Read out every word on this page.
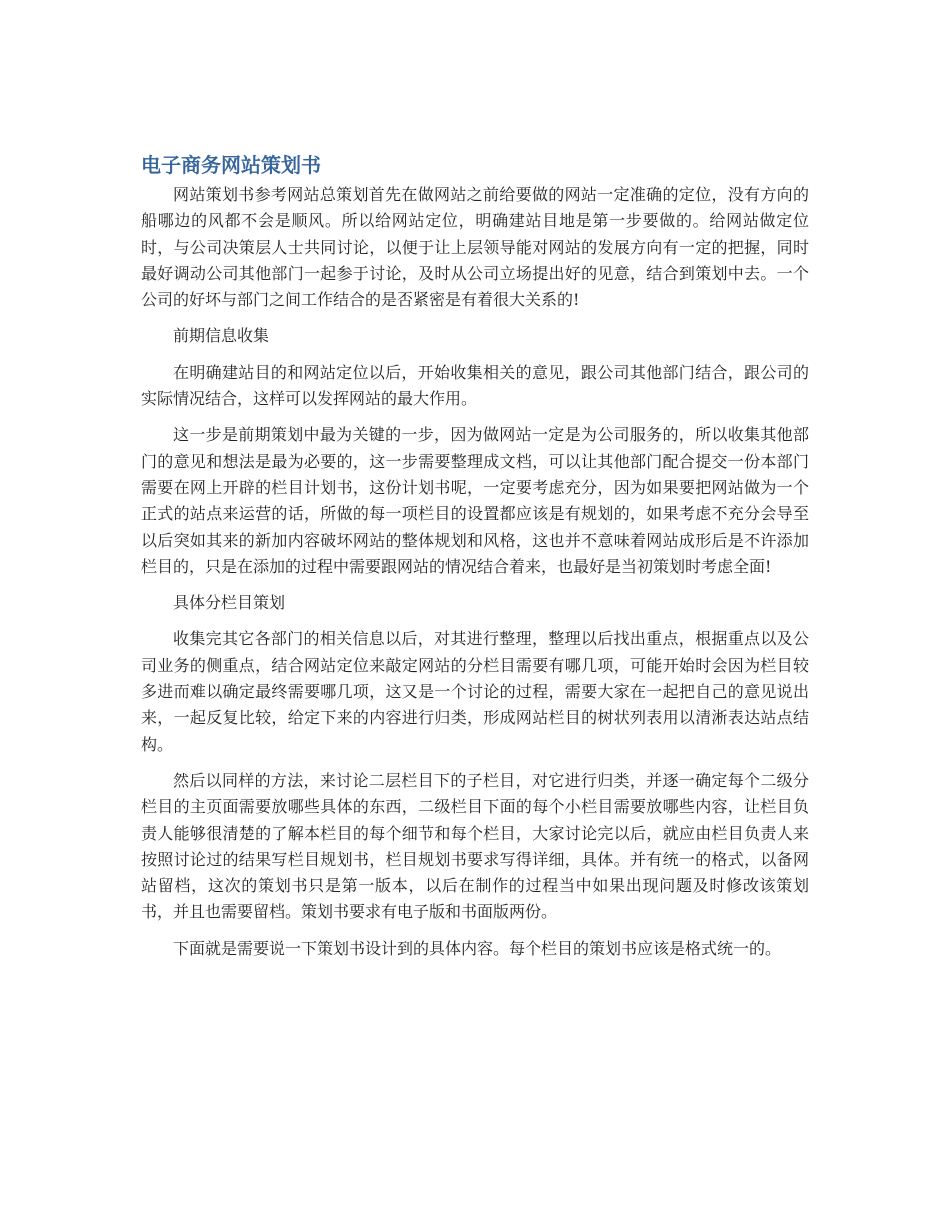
电子商务网站策划书

网站策划书参考网站总策划首先在做网站之前给要做的网站一定准确的定位，没有方向的船哪边的风都不会是顺风。所以给网站定位，明确建站目地是第一步要做的。给网站做定位时，与公司决策层人士共同讨论，以便于让上层领导能对网站的发展方向有一定的把握，同时最好调动公司其他部门一起参于讨论，及时从公司立场提出好的见意，结合到策划中去。一个公司的好坏与部门之间工作结合的是否紧密是有着很大关系的!

前期信息收集

在明确建站目的和网站定位以后，开始收集相关的意见，跟公司其他部门结合，跟公司的实际情况结合，这样可以发挥网站的最大作用。

这一步是前期策划中最为关键的一步，因为做网站一定是为公司服务的，所以收集其他部门的意见和想法是最为必要的，这一步需要整理成文档，可以让其他部门配合提交一份本部门需要在网上开辟的栏目计划书，这份计划书呢，一定要考虑充分，因为如果要把网站做为一个正式的站点来运营的话，所做的每一项栏目的设置都应该是有规划的，如果考虑不充分会导至以后突如其来的新加内容破坏网站的整体规划和风格，这也并不意味着网站成形后是不许添加栏目的，只是在添加的过程中需要跟网站的情况结合着来，也最好是当初策划时考虑全面!

具体分栏目策划

收集完其它各部门的相关信息以后，对其进行整理，整理以后找出重点，根据重点以及公司业务的侧重点，结合网站定位来敲定网站的分栏目需要有哪几项，可能开始时会因为栏目较多进而难以确定最终需要哪几项，这又是一个讨论的过程，需要大家在一起把自己的意见说出来，一起反复比较，给定下来的内容进行归类，形成网站栏目的树状列表用以清淅表达站点结构。

然后以同样的方法，来讨论二层栏目下的子栏目，对它进行归类，并逐一确定每个二级分栏目的主页面需要放哪些具体的东西，二级栏目下面的每个小栏目需要放哪些内容，让栏目负责人能够很清楚的了解本栏目的每个细节和每个栏目，大家讨论完以后，就应由栏目负责人来按照讨论过的结果写栏目规划书，栏目规划书要求写得详细，具体。并有统一的格式，以备网站留档，这次的策划书只是第一版本，以后在制作的过程当中如果出现问题及时修改该策划书，并且也需要留档。策划书要求有电子版和书面版两份。

下面就是需要说一下策划书设计到的具体内容。每个栏目的策划书应该是格式统一的。
